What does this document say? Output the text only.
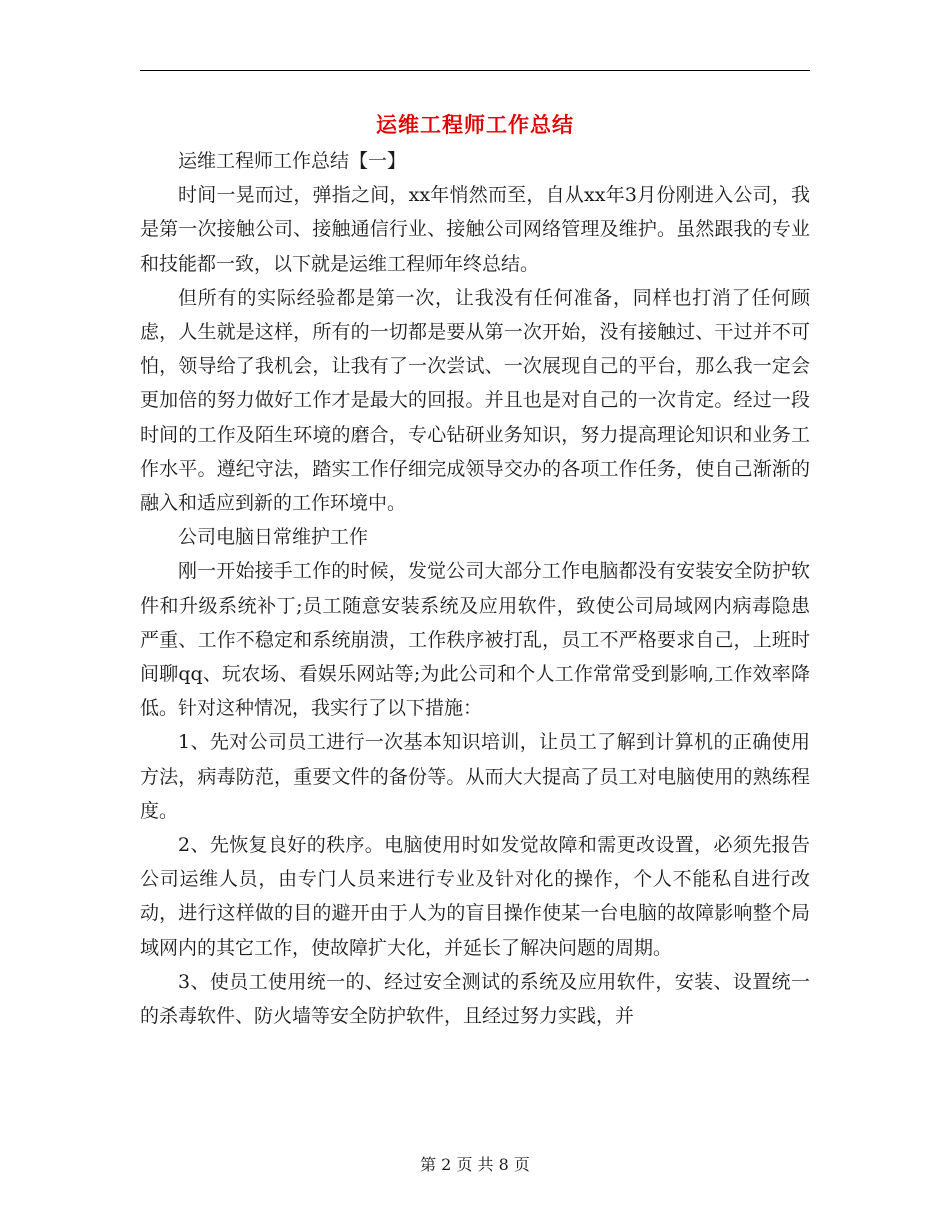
运维工程师工作总结

运维工程师工作总结【一】

时间一晃而过，弹指之间，xx年悄然而至，自从xx年3月份刚进入公司，我是第一次接触公司、接触通信行业、接触公司网络管理及维护。虽然跟我的专业和技能都一致，以下就是运维工程师年终总结。

但所有的实际经验都是第一次，让我没有任何准备，同样也打消了任何顾虑，人生就是这样，所有的一切都是要从第一次开始，没有接触过、干过并不可怕，领导给了我机会，让我有了一次尝试、一次展现自己的平台，那么我一定会更加倍的努力做好工作才是最大的回报。并且也是对自己的一次肯定。经过一段时间的工作及陌生环境的磨合，专心钻研业务知识，努力提高理论知识和业务工作水平。遵纪守法，踏实工作仔细完成领导交办的各项工作任务，使自己渐渐的融入和适应到新的工作环境中。

公司电脑日常维护工作

刚一开始接手工作的时候，发觉公司大部分工作电脑都没有安装安全防护软件和升级系统补丁;员工随意安装系统及应用软件，致使公司局域网内病毒隐患严重、工作不稳定和系统崩溃，工作秩序被打乱，员工不严格要求自己，上班时间聊qq、玩农场、看娱乐网站等;为此公司和个人工作常常受到影响,工作效率降低。针对这种情况，我实行了以下措施：

1、先对公司员工进行一次基本知识培训，让员工了解到计算机的正确使用方法，病毒防范，重要文件的备份等。从而大大提高了员工对电脑使用的熟练程度。

2、先恢复良好的秩序。电脑使用时如发觉故障和需更改设置，必须先报告公司运维人员，由专门人员来进行专业及针对化的操作，个人不能私自进行改动，进行这样做的目的避开由于人为的盲目操作使某一台电脑的故障影响整个局域网内的其它工作，使故障扩大化，并延长了解决问题的周期。

3、使员工使用统一的、经过安全测试的系统及应用软件，安装、设置统一的杀毒软件、防火墙等安全防护软件，且经过努力实践，并

第 2 页 共 8 页
